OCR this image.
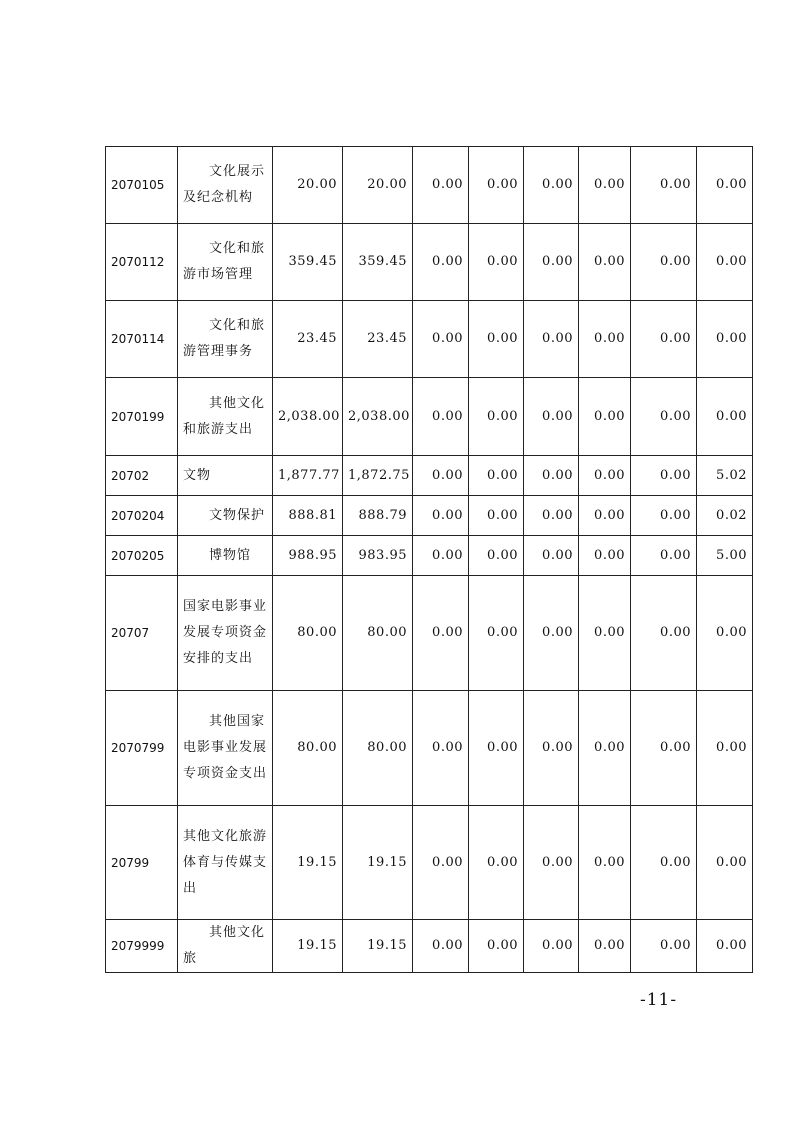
2070105	文化展示及纪念机构	20.00	20.00	0.00	0.00	0.00	0.00	0.00	0.00
2070112	文化和旅游市场管理	359.45	359.45	0.00	0.00	0.00	0.00	0.00	0.00
2070114	文化和旅游管理事务	23.45	23.45	0.00	0.00	0.00	0.00	0.00	0.00
2070199	其他文化和旅游支出	2,038.00	2,038.00	0.00	0.00	0.00	0.00	0.00	0.00
20702	文物	1,877.77	1,872.75	0.00	0.00	0.00	0.00	0.00	5.02
2070204	文物保护	888.81	888.79	0.00	0.00	0.00	0.00	0.00	0.02
2070205	博物馆	988.95	983.95	0.00	0.00	0.00	0.00	0.00	5.00
20707	国家电影事业发展专项资金安排的支出	80.00	80.00	0.00	0.00	0.00	0.00	0.00	0.00
2070799	其他国家电影事业发展专项资金支出	80.00	80.00	0.00	0.00	0.00	0.00	0.00	0.00
20799	其他文化旅游体育与传媒支出	19.15	19.15	0.00	0.00	0.00	0.00	0.00	0.00
2079999	其他文化旅	19.15	19.15	0.00	0.00	0.00	0.00	0.00	0.00
-11-
